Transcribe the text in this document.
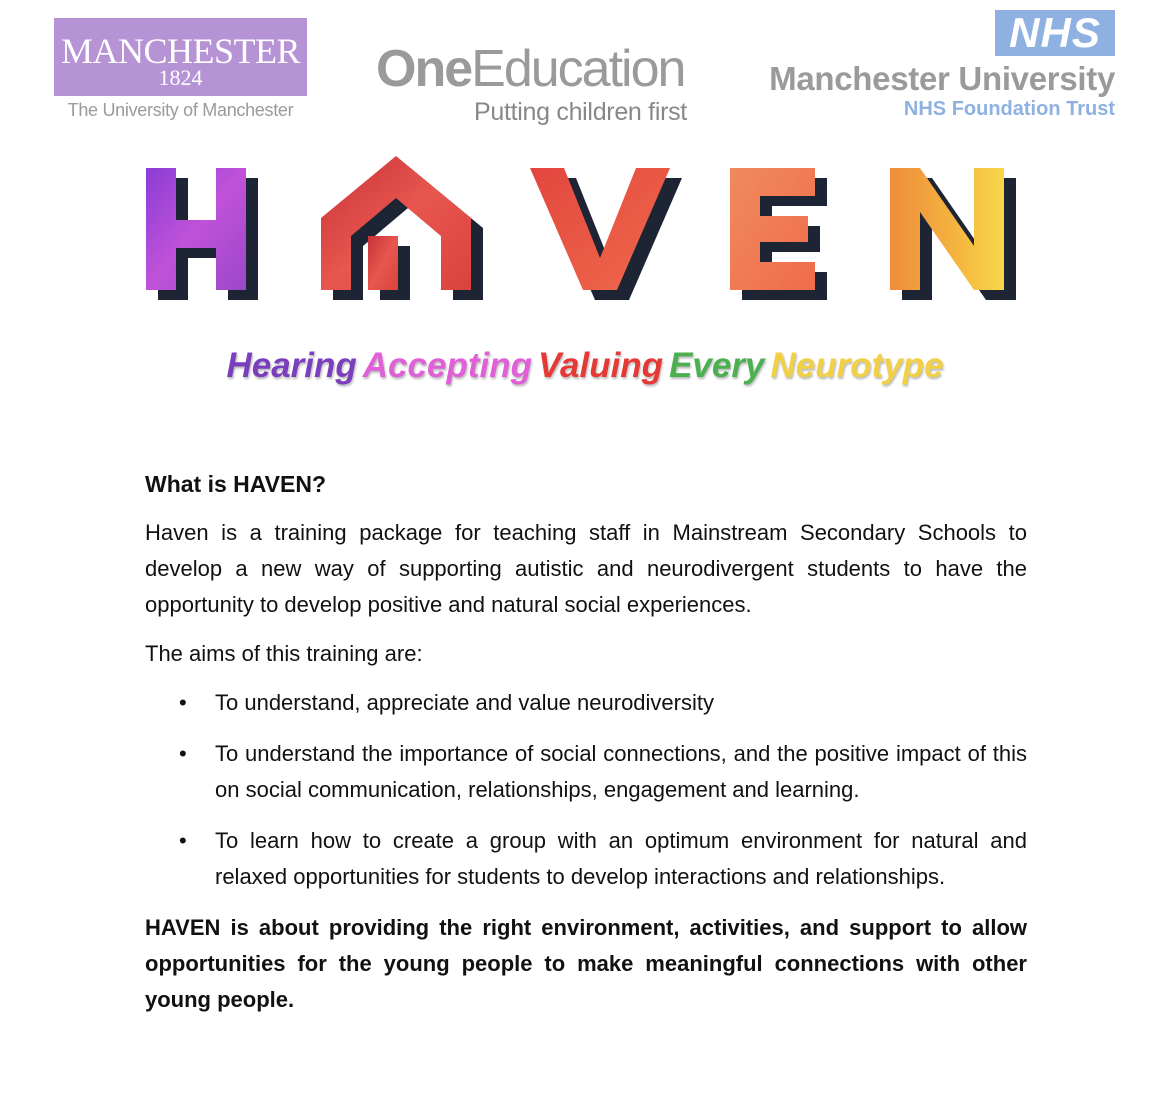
MANCHESTER
1824
The University of Manchester
OneEducation
Putting children first
NHS
Manchester University
NHS Foundation Trust
Hearing Accepting Valuing Every Neurotype
What is HAVEN?
Haven is a training package for teaching staff in Mainstream Secondary Schools to develop a new way of supporting autistic and neurodivergent students to have the opportunity to develop positive and natural social experiences.
The aims of this training are:
• To understand, appreciate and value neurodiversity
• To understand the importance of social connections, and the positive impact of this on social communication, relationships, engagement and learning.
• To learn how to create a group with an optimum environment for natural and relaxed opportunities for students to develop interactions and relationships.
HAVEN is about providing the right environment, activities, and support to allow opportunities for the young people to make meaningful connections with other young people.
